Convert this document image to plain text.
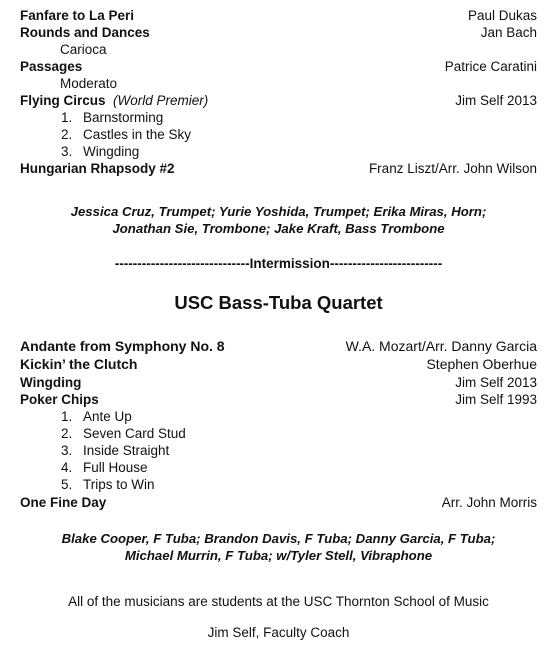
Fanfare to La Peri	Paul Dukas
Rounds and Dances	Jan Bach
Carioca
Passages	Patrice Caratini
Moderato
Flying Circus (World Premier)	Jim Self 2013
1. Barnstorming
2. Castles in the Sky
3. Wingding
Hungarian Rhapsody #2	Franz Liszt/Arr. John Wilson
Jessica Cruz, Trumpet; Yurie Yoshida, Trumpet; Erika Miras, Horn;
Jonathan Sie, Trombone; Jake Kraft, Bass Trombone
------------------------------Intermission-------------------------
USC Bass-Tuba Quartet
Andante from Symphony No. 8	W.A. Mozart/Arr. Danny Garcia
Kickin’ the Clutch	Stephen Oberhue
Wingding	Jim Self 2013
Poker Chips	Jim Self 1993
1. Ante Up
2. Seven Card Stud
3. Inside Straight
4. Full House
5. Trips to Win
One Fine Day	Arr. John Morris
Blake Cooper, F Tuba; Brandon Davis, F Tuba; Danny Garcia, F Tuba;
Michael Murrin, F Tuba; w/Tyler Stell, Vibraphone
All of the musicians are students at the USC Thornton School of Music
Jim Self, Faculty Coach
